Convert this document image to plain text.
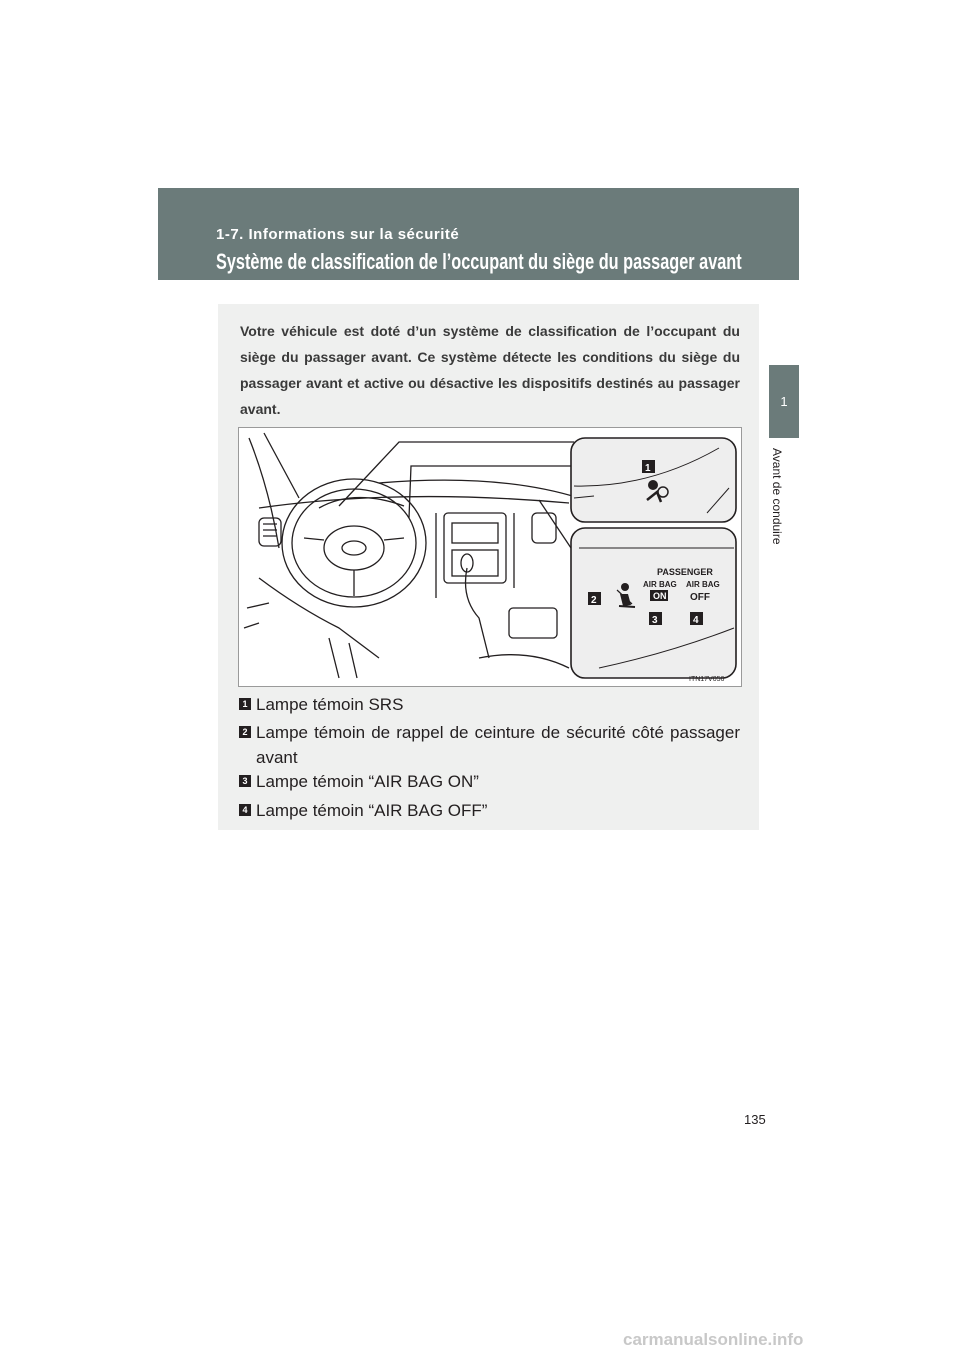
1-7. Informations sur la sécurité
Système de classification de l’occupant du siège du passager avant
1
Avant de conduire
Votre véhicule est doté d’un système de classification de l’occupant du siège du passager avant. Ce système détecte les conditions du siège du passager avant et active ou désactive les dispositifs destinés au passager avant.
PASSENGER
AIR BAG AIR BAG
ON OFF
1
2
3	4
ITN17V056
1 Lampe témoin SRS
2 Lampe témoin de rappel de ceinture de sécurité côté passager avant
3 Lampe témoin “AIR BAG ON”
4 Lampe témoin “AIR BAG OFF”
135
carmanualsonline.info
